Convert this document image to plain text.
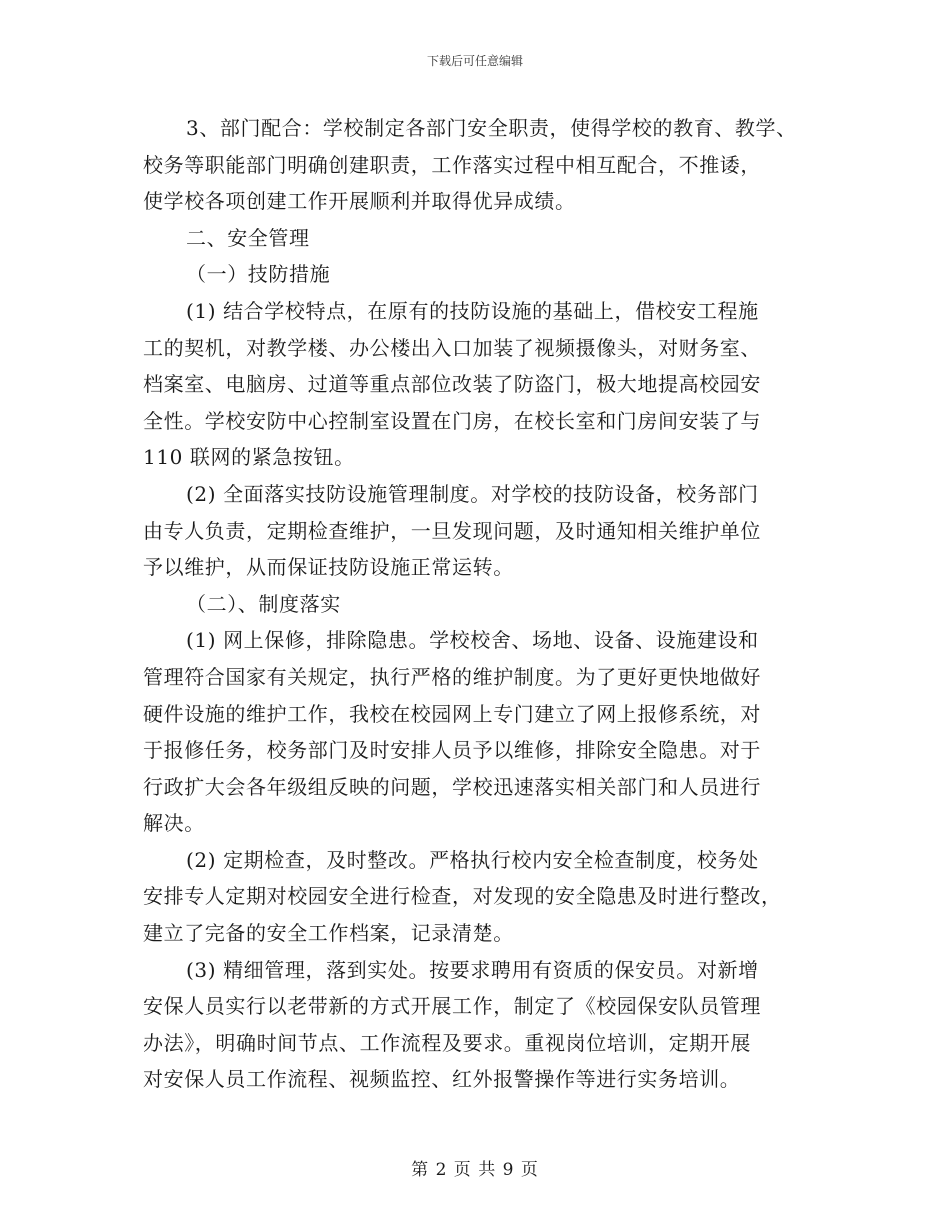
下载后可任意编辑
3、部门配合：学校制定各部门安全职责，使得学校的教育、教学、
校务等职能部门明确创建职责，工作落实过程中相互配合，不推诿，
使学校各项创建工作开展顺利并取得优异成绩。
二、安全管理
（一）技防措施
(1) 结合学校特点，在原有的技防设施的基础上，借校安工程施
工的契机，对教学楼、办公楼出入口加装了视频摄像头，对财务室、
档案室、电脑房、过道等重点部位改装了防盗门，极大地提高校园安
全性。学校安防中心控制室设置在门房，在校长室和门房间安装了与
110 联网的紧急按钮。
(2) 全面落实技防设施管理制度。对学校的技防设备，校务部门
由专人负责，定期检查维护，一旦发现问题，及时通知相关维护单位
予以维护，从而保证技防设施正常运转。
（二）、制度落实
(1) 网上保修，排除隐患。学校校舍、场地、设备、设施建设和
管理符合国家有关规定，执行严格的维护制度。为了更好更快地做好
硬件设施的维护工作，我校在校园网上专门建立了网上报修系统，对
于报修任务，校务部门及时安排人员予以维修，排除安全隐患。对于
行政扩大会各年级组反映的问题，学校迅速落实相关部门和人员进行
解决。
(2) 定期检查，及时整改。严格执行校内安全检查制度，校务处
安排专人定期对校园安全进行检查，对发现的安全隐患及时进行整改，
建立了完备的安全工作档案，记录清楚。
(3) 精细管理，落到实处。按要求聘用有资质的保安员。对新增
安保人员实行以老带新的方式开展工作，制定了《校园保安队员管理
办法》，明确时间节点、工作流程及要求。重视岗位培训，定期开展
对安保人员工作流程、视频监控、红外报警操作等进行实务培训。
第 2 页 共 9 页
